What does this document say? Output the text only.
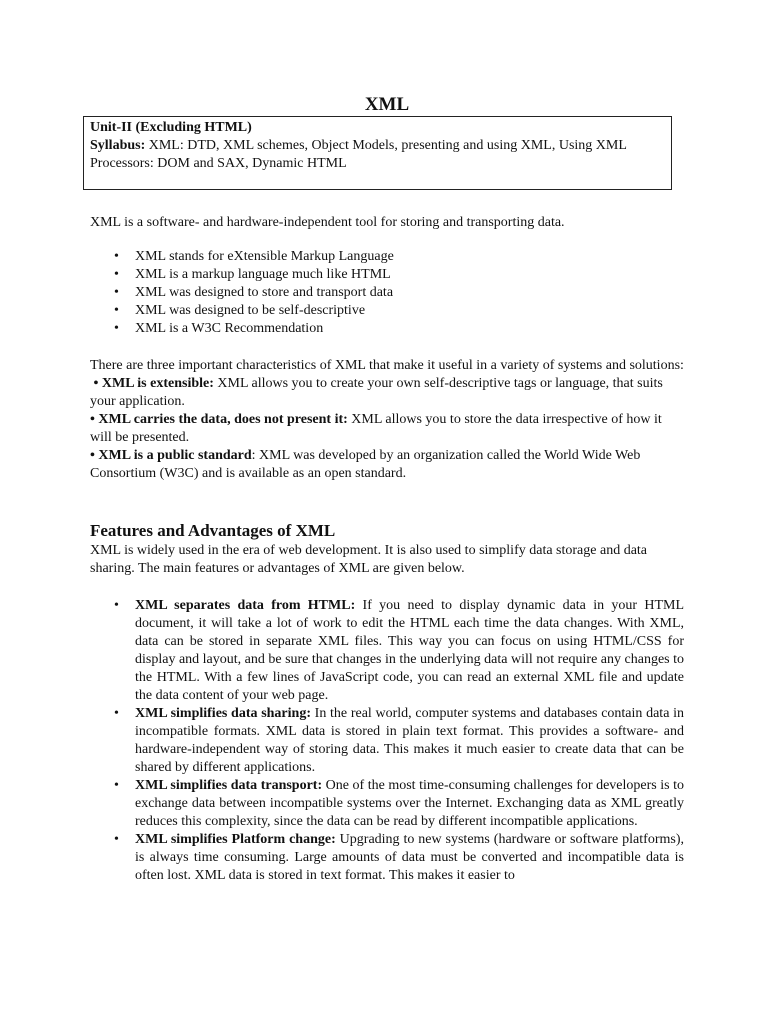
XML
Unit-II (Excluding HTML)
Syllabus: XML: DTD, XML schemes, Object Models, presenting and using XML, Using XML Processors: DOM and SAX, Dynamic HTML
XML is a software- and hardware-independent tool for storing and transporting data.
• XML stands for eXtensible Markup Language
• XML is a markup language much like HTML
• XML was designed to store and transport data
• XML was designed to be self-descriptive
• XML is a W3C Recommendation

There are three important characteristics of XML that make it useful in a variety of systems and solutions:

• XML is extensible: XML allows you to create your own self-descriptive tags or language, that suits your application.

• XML carries the data, does not present it: XML allows you to store the data irrespective of how it will be presented.

• XML is a public standard: XML was developed by an organization called the World Wide Web Consortium (W3C) and is available as an open standard.

Features and Advantages of XML
XML is widely used in the era of web development. It is also used to simplify data storage and data sharing. The main features or advantages of XML are given below.
• XML separates data from HTML: If you need to display dynamic data in your HTML document, it will take a lot of work to edit the HTML each time the data changes. With XML, data can be stored in separate XML files. This way you can focus on using HTML/CSS for display and layout, and be sure that changes in the underlying data will not require any changes to the HTML. With a few lines of JavaScript code, you can read an external XML file and update the data content of your web page.
• XML simplifies data sharing: In the real world, computer systems and databases contain data in incompatible formats. XML data is stored in plain text format. This provides a software- and hardware-independent way of storing data. This makes it much easier to create data that can be shared by different applications.
• XML simplifies data transport: One of the most time-consuming challenges for developers is to exchange data between incompatible systems over the Internet. Exchanging data as XML greatly reduces this complexity, since the data can be read by different incompatible applications.
• XML simplifies Platform change: Upgrading to new systems (hardware or software platforms), is always time consuming. Large amounts of data must be converted and incompatible data is often lost. XML data is stored in text format. This makes it easier to
